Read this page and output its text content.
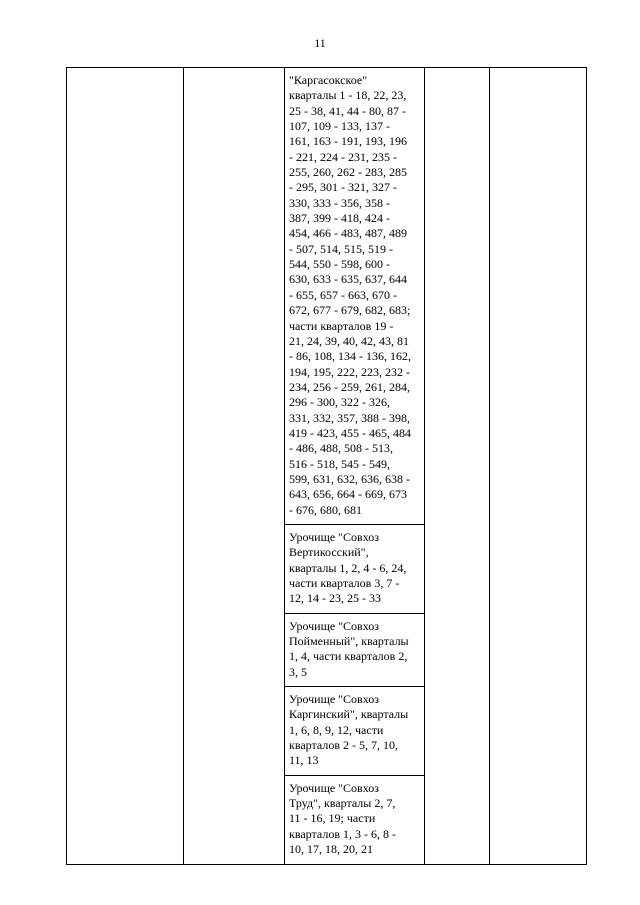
11

"Каргасокское"
кварталы 1 - 18, 22, 23,
25 - 38, 41, 44 - 80, 87 -
107, 109 - 133, 137 -
161, 163 - 191, 193, 196
- 221, 224 - 231, 235 -
255, 260, 262 - 283, 285
- 295, 301 - 321, 327 -
330, 333 - 356, 358 -
387, 399 - 418, 424 -
454, 466 - 483, 487, 489
- 507, 514, 515, 519 -
544, 550 - 598, 600 -
630, 633 - 635, 637, 644
- 655, 657 - 663, 670 -
672, 677 - 679, 682, 683;
части кварталов 19 -
21, 24, 39, 40, 42, 43, 81
- 86, 108, 134 - 136, 162,
194, 195, 222, 223, 232 -
234, 256 - 259, 261, 284,
296 - 300, 322 - 326,
331, 332, 357, 388 - 398,
419 - 423, 455 - 465, 484
- 486, 488, 508 - 513,
516 - 518, 545 - 549,
599, 631, 632, 636, 638 -
643, 656, 664 - 669, 673
- 676, 680, 681

Урочище "Совхоз
Вертикосский",
кварталы 1, 2, 4 - 6, 24,
части кварталов 3, 7 -
12, 14 - 23, 25 - 33

Урочище "Совхоз
Пойменный", кварталы
1, 4, части кварталов 2,
3, 5

Урочище "Совхоз
Каргинский", кварталы
1, 6, 8, 9, 12, части
кварталов 2 - 5, 7, 10,
11, 13

Урочище "Совхоз
Труд", кварталы 2, 7,
11 - 16, 19; части
кварталов 1, 3 - 6, 8 -
10, 17, 18, 20, 21
